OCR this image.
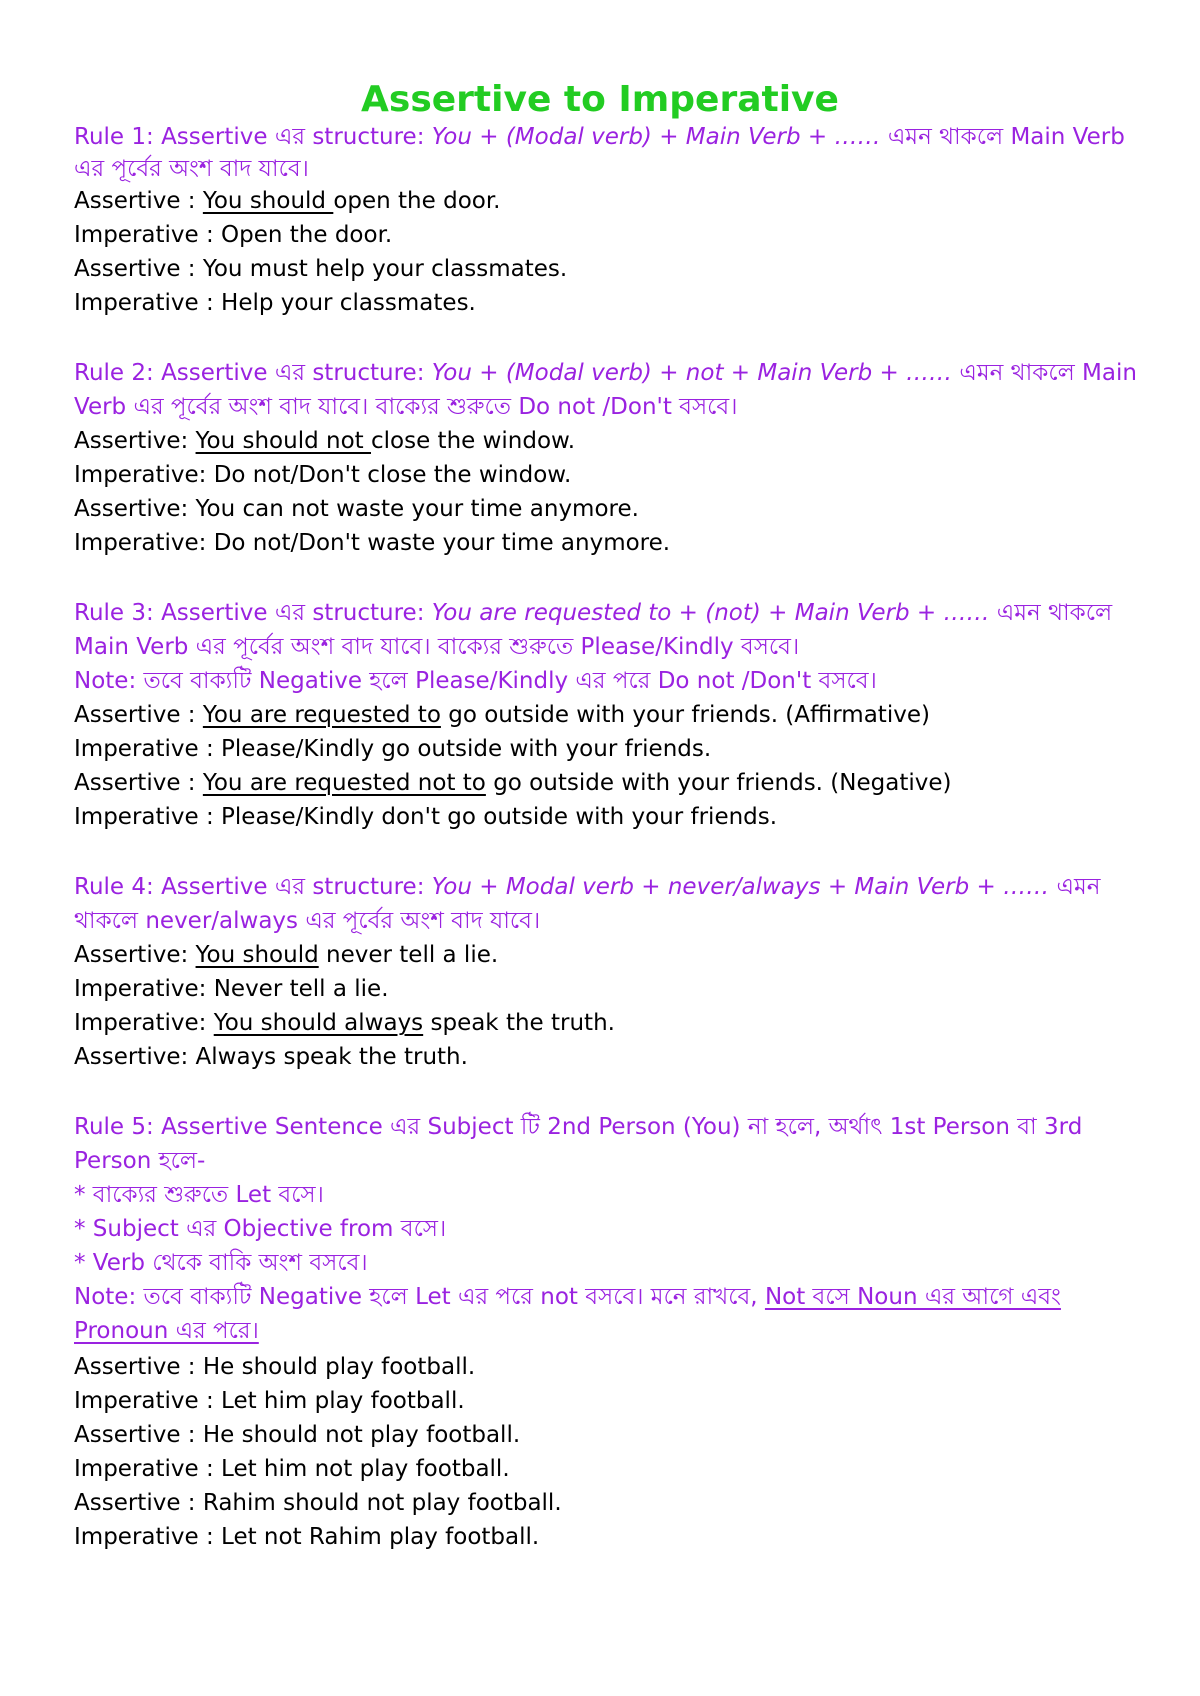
Assertive to Imperative
Rule 1: Assertive এর structure: You + (Modal verb) + Main Verb + …… এমন থাকলে Main Verb
এর পূর্বের অংশ বাদ যাবে।
Assertive : You should open the door.
Imperative : Open the door.
Assertive : You must help your classmates.
Imperative : Help your classmates.
Rule 2: Assertive এর structure: You + (Modal verb) + not + Main Verb + …… এমন থাকলে Main
Verb এর পূর্বের অংশ বাদ যাবে। বাক্যের শুরুতে Do not /Don't বসবে।
Assertive: You should not close the window.
Imperative: Do not/Don't close the window.
Assertive: You can not waste your time anymore.
Imperative: Do not/Don't waste your time anymore.
Rule 3: Assertive এর structure: You are requested to + (not) + Main Verb + …… এমন থাকলে
Main Verb এর পূর্বের অংশ বাদ যাবে। বাক্যের শুরুতে Please/Kindly বসবে।
Note: তবে বাক্যটি Negative হলে Please/Kindly এর পরে Do not /Don't বসবে।
Assertive : You are requested to go outside with your friends. (Affirmative)
Imperative : Please/Kindly go outside with your friends.
Assertive : You are requested not to go outside with your friends. (Negative)
Imperative : Please/Kindly don't go outside with your friends.
Rule 4: Assertive এর structure: You + Modal verb + never/always + Main Verb + …… এমন
থাকলে never/always এর পূর্বের অংশ বাদ যাবে।
Assertive: You should never tell a lie.
Imperative: Never tell a lie.
Imperative: You should always speak the truth.
Assertive: Always speak the truth.
Rule 5: Assertive Sentence এর Subject টি 2nd Person (You) না হলে, অর্থাৎ 1st Person বা 3rd
Person হলে-
* বাক্যের শুরুতে Let বসে।
* Subject এর Objective from বসে।
* Verb থেকে বাকি অংশ বসবে।
Note: তবে বাক্যটি Negative হলে Let এর পরে not বসবে। মনে রাখবে, Not বসে Noun এর আগে এবং
Pronoun এর পরে।
Assertive : He should play football.
Imperative : Let him play football.
Assertive : He should not play football.
Imperative : Let him not play football.
Assertive : Rahim should not play football.
Imperative : Let not Rahim play football.
